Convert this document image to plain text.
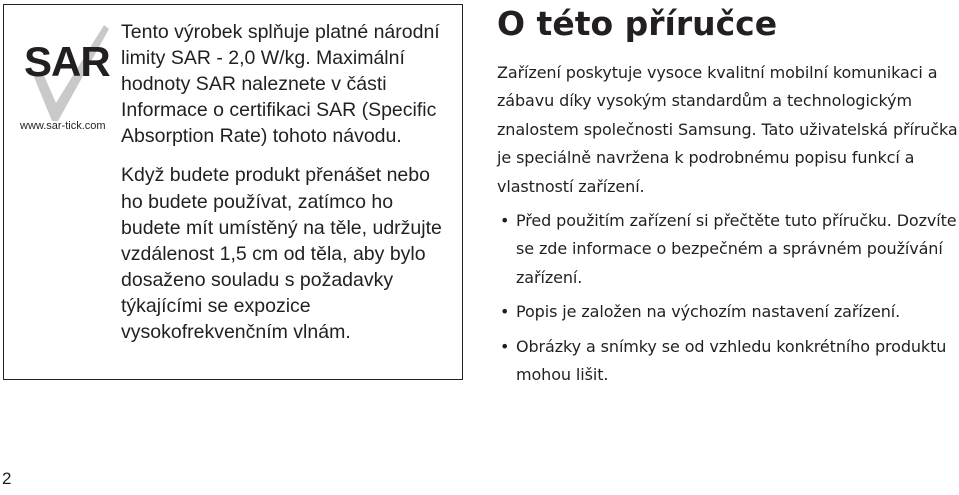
SAR

www.sar-tick.com

Tento výrobek splňuje platné národní limity SAR - 2,0 W/kg. Maximální hodnoty SAR naleznete v části Informace o certifikaci SAR (Specific Absorption Rate) tohoto návodu.

Když budete produkt přenášet nebo ho budete používat, zatímco ho budete mít umístěný na těle, udržujte vzdálenost 1,5 cm od těla, aby bylo dosaženo souladu s požadavky týkajícími se expozice vysokofrekvenčním vlnám.

O této příručce

Zařízení poskytuje vysoce kvalitní mobilní komunikaci a zábavu díky vysokým standardům a technologickým znalostem společnosti Samsung. Tato uživatelská příručka je speciálně navržena k podrobnému popisu funkcí a vlastností zařízení.

• Před použitím zařízení si přečtěte tuto příručku. Dozvíte se zde informace o bezpečném a správném používání zařízení.
• Popis je založen na výchozím nastavení zařízení.
• Obrázky a snímky se od vzhledu konkrétního produktu mohou lišit.

2
